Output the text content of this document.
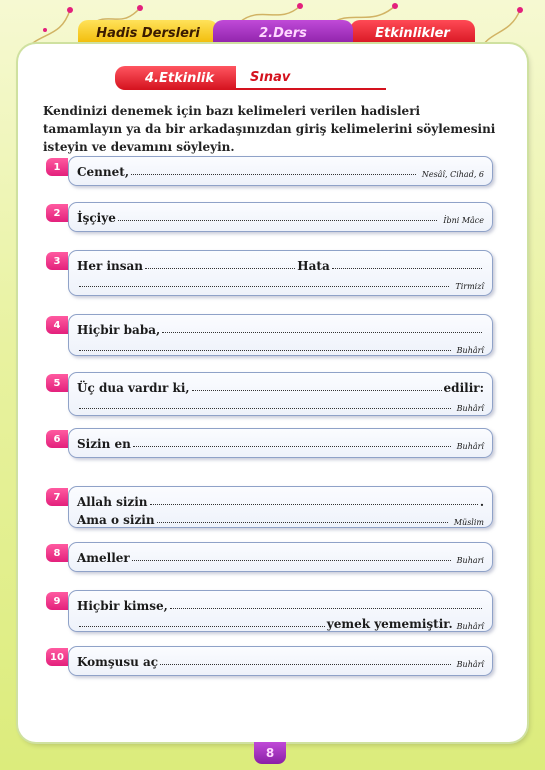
Hadis Dersleri	Etkinlikler
2.Ders
4.Etkinlik	Sınav
Kendinizi denemek için bazı kelimeleri verilen hadisleri tamamlayın ya da bir arkadaşınızdan giriş kelimelerini söylemesini isteyin ve devamını söyleyin.
1	Cennet,	Nesâî, Cihad, 6
2	İşçiye	İbni Mâce
3	Her insan	Hata
Tirmizî
4	Hiçbir baba,
Buhârî
5	Üç dua vardır ki,	edilir:
Buhârî
6	Sizin en	Buhârî
7	Allah sizin	.
Ama o sizin	Müslim
8	Ameller	Buhari
9	Hiçbir kimse,
yemek yememiştir. Buhârî
10	Komşusu aç	Buhârî
8
